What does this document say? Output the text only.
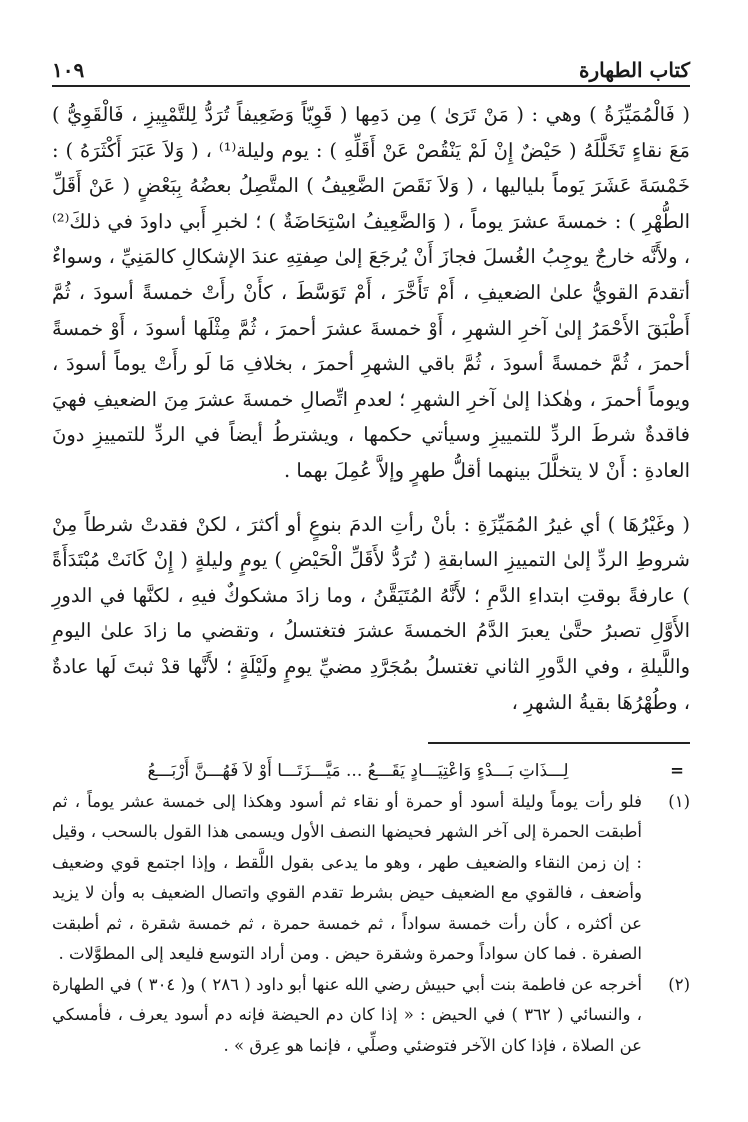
كتاب الطهارة
١٠٩

( فَالْمُمَيِّزَةُ ) وهي : ( مَنْ تَرَىٰ ) مِن دَمِها ( قَوِيّاً وَضَعِيفاً تُرَدُّ لِلتَّمْيِيزِ ، فَالْقَوِيُّ ) مَعَ نقاءٍ تَخَلَّلَهُ ( حَيْضٌ إِنْ لَمْ يَنْقُصْ عَنْ أَقَلِّهِ ) : يوم وليلة⁽¹⁾ ، ( وَلاَ عَبَرَ أَكْثَرَهُ ) : خَمْسَةَ عَشَرَ يَوماً بلياليها ، ( وَلاَ نَقَصَ الضَّعِيفُ ) المتَّصِلُ بعضُهُ بِبَعْضٍ ( عَنْ أَقَلِّ الطُّهْرِ ) : خمسةَ عشرَ يوماً ، ( وَالضَّعِيفُ اسْتِحَاضَةٌ ) ؛ لخبرِ أَبي داودَ في ذلكَ⁽²⁾ ، ولأَنَّه خارجٌ يوجِبُ الغُسلَ فجازَ أَنْ يُرجَعَ إلىٰ صِفتِهِ عندَ الإشكالِ كالمَنِيِّ ، وسواءٌ أتقدمَ القويُّ علىٰ الضعيفِ ، أَمْ تَأَخَّرَ ، أَمْ تَوَسَّطَ ، كأَنْ رأَتْ خمسةً أسودَ ، ثُمَّ أَطْبَقَ الأَحْمَرُ إلىٰ آخرِ الشهرِ ، أَوْ خمسةَ عشرَ أحمرَ ، ثُمَّ مِثْلَها أسودَ ، أَوْ خمسةً أحمرَ ، ثُمَّ خمسةً أسودَ ، ثُمَّ باقي الشهرِ أحمرَ ، بخلافِ مَا لَو رأَتْ يوماً أسودَ ، ويوماً أحمرَ ، وهٰكذا إلىٰ آخرِ الشهرِ ؛ لعدمِ اتِّصالِ خمسةَ عشرَ مِنَ الضعيفِ فهيَ فاقدةٌ شرطَ الردِّ للتمييزِ وسيأتي حكمها ، ويشترطُ أيضاً في الردِّ للتمييزِ دونَ العادةِ : أَنْ لا يتخلَّلَ بينهما أقلُّ طهرٍ وإلاَّ عُمِلَ بهما .

( وغَيْرُهَا ) أي غيرُ المُمَيِّزَةِ : بأنْ رأتِ الدمَ بنوعٍ أو أكثرَ ، لكنْ فقدتْ شرطاً مِنْ شروطِ الردِّ إلىٰ التمييزِ السابقةِ ( تُرَدُّ لأَقَلِّ الْحَيْضِ ) يومٍ وليلةٍ ( إِنْ كَانَتْ مُبْتَدَأَةً ) عارفةً بوقتِ ابتداءِ الدَّمِ ؛ لأَنَّهُ المُتَيَقَّنُ ، وما زادَ مشكوكٌ فيهِ ، لكنَّها في الدورِ الأَوَّلِ تصبرُ حتَّىٰ يعبرَ الدَّمُ الخمسةَ عشرَ فتغتسلُ ، وتقضي ما زادَ علىٰ اليومِ واللَّيلةِ ، وفي الدَّورِ الثاني تغتسلُ بمُجَرَّدِ مضيِّ يومٍ ولَيْلَةٍ ؛ لأَنَّها قدْ ثبتَ لَها عادةٌ ، وطُهْرُهَا بقيةُ الشهرِ ،

=
لِـــذَاتِ بَـــدْءٍ وَاعْتِيَـــادٍ يَقَـــعُ ... مَيَّـــزَتَـــا أَوْ لاَ فَهُـــنَّ أَرْبَـــعُ
(١)
فلو رأت يوماً وليلة أسود أو حمرة أو نقاء ثم أسود وهكذا إلى خمسة عشر يوماً ، ثم أطبقت الحمرة إلى آخر الشهر فحيضها النصف الأول ويسمى هذا القول بالسحب ، وقيل : إن زمن النقاء والضعيف طهر ، وهو ما يدعى بقول اللَّقط ، وإذا اجتمع قوي وضعيف وأضعف ، فالقوي مع الضعيف حيض بشرط تقدم القوي واتصال الضعيف به وأن لا يزيد عن أكثره ، كأن رأت خمسة سواداً ، ثم خمسة حمرة ، ثم خمسة شقرة ، ثم أطبقت الصفرة . فما كان سواداً وحمرة وشقرة حيض . ومن أراد التوسع فليعد إلى المطوَّلات .
(٢)
أخرجه عن فاطمة بنت أبي حبيش رضي الله عنها أبو داود ( ٢٨٦ ) و( ٣٠٤ ) في الطهارة ، والنسائي ( ٣٦٢ ) في الحيض : « إذا كان دم الحيضة فإنه دم أسود يعرف ، فأمسكي عن الصلاة ، فإذا كان الآخر فتوضئي وصلِّي ، فإنما هو عِرق » .
